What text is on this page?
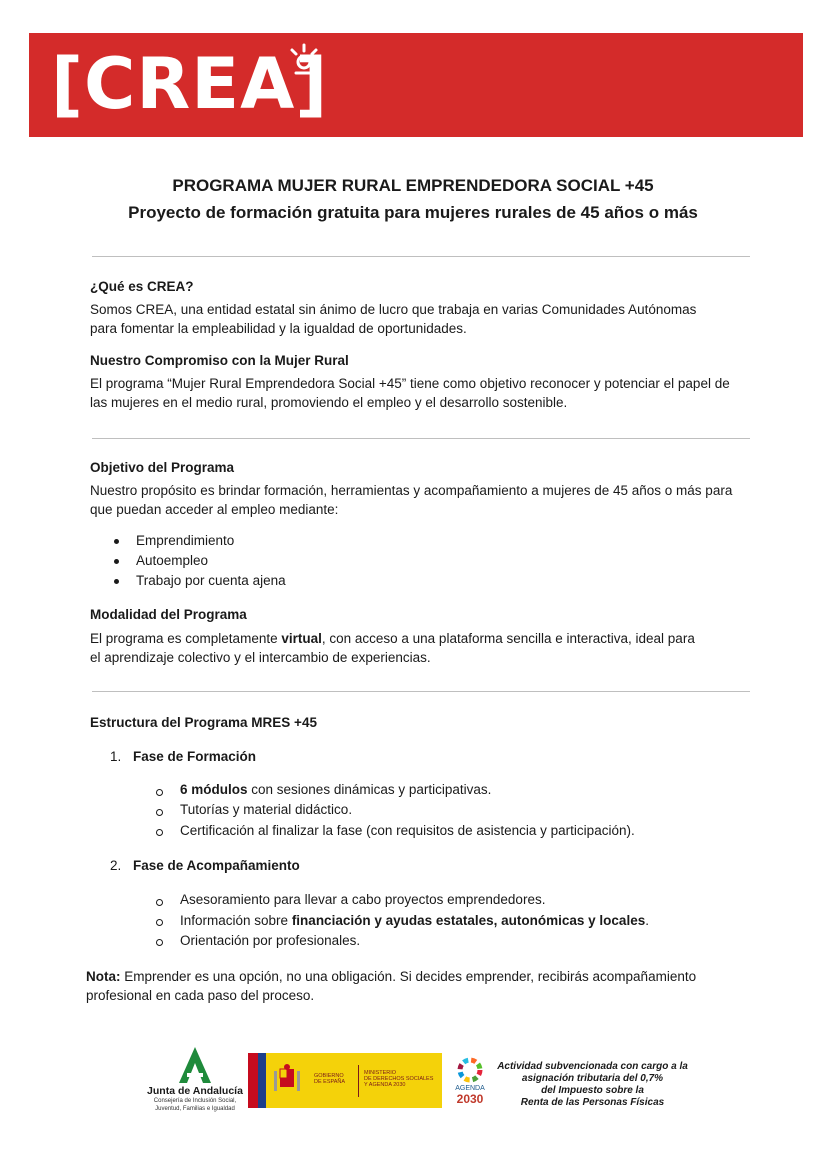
[CREA]
PROGRAMA MUJER RURAL EMPRENDEDORA SOCIAL +45
Proyecto de formación gratuita para mujeres rurales de 45 años o más
¿Qué es CREA?
Somos CREA, una entidad estatal sin ánimo de lucro que trabaja en varias Comunidades Autónomas para fomentar la empleabilidad y la igualdad de oportunidades.
Nuestro Compromiso con la Mujer Rural
El programa “Mujer Rural Emprendedora Social +45” tiene como objetivo reconocer y potenciar el papel de las mujeres en el medio rural, promoviendo el empleo y el desarrollo sostenible.
Objetivo del Programa
Nuestro propósito es brindar formación, herramientas y acompañamiento a mujeres de 45 años o más para que puedan acceder al empleo mediante:
Emprendimiento
Autoempleo
Trabajo por cuenta ajena
Modalidad del Programa
El programa es completamente virtual, con acceso a una plataforma sencilla e interactiva, ideal para el aprendizaje colectivo y el intercambio de experiencias.
Estructura del Programa MRES +45
1. Fase de Formación
6 módulos con sesiones dinámicas y participativas.
Tutorías y material didáctico.
Certificación al finalizar la fase (con requisitos de asistencia y participación).
2. Fase de Acompañamiento
Asesoramiento para llevar a cabo proyectos emprendedores.
Información sobre financiación y ayudas estatales, autonómicas y locales.
Orientación por profesionales.
Nota: Emprender es una opción, no una obligación. Si decides emprender, recibirás acompañamiento profesional en cada paso del proceso.
Junta de Andalucía
Consejería de Inclusión Social,
Juventud, Familias e Igualdad
GOBIERNO
DE ESPAÑA
MINISTERIO
DE DERECHOS SOCIALES
Y AGENDA 2030	AGENDA
2030
Actividad subvencionada con cargo a la
asignación tributaria del 0,7%
del Impuesto sobre la
Renta de las Personas Físicas
